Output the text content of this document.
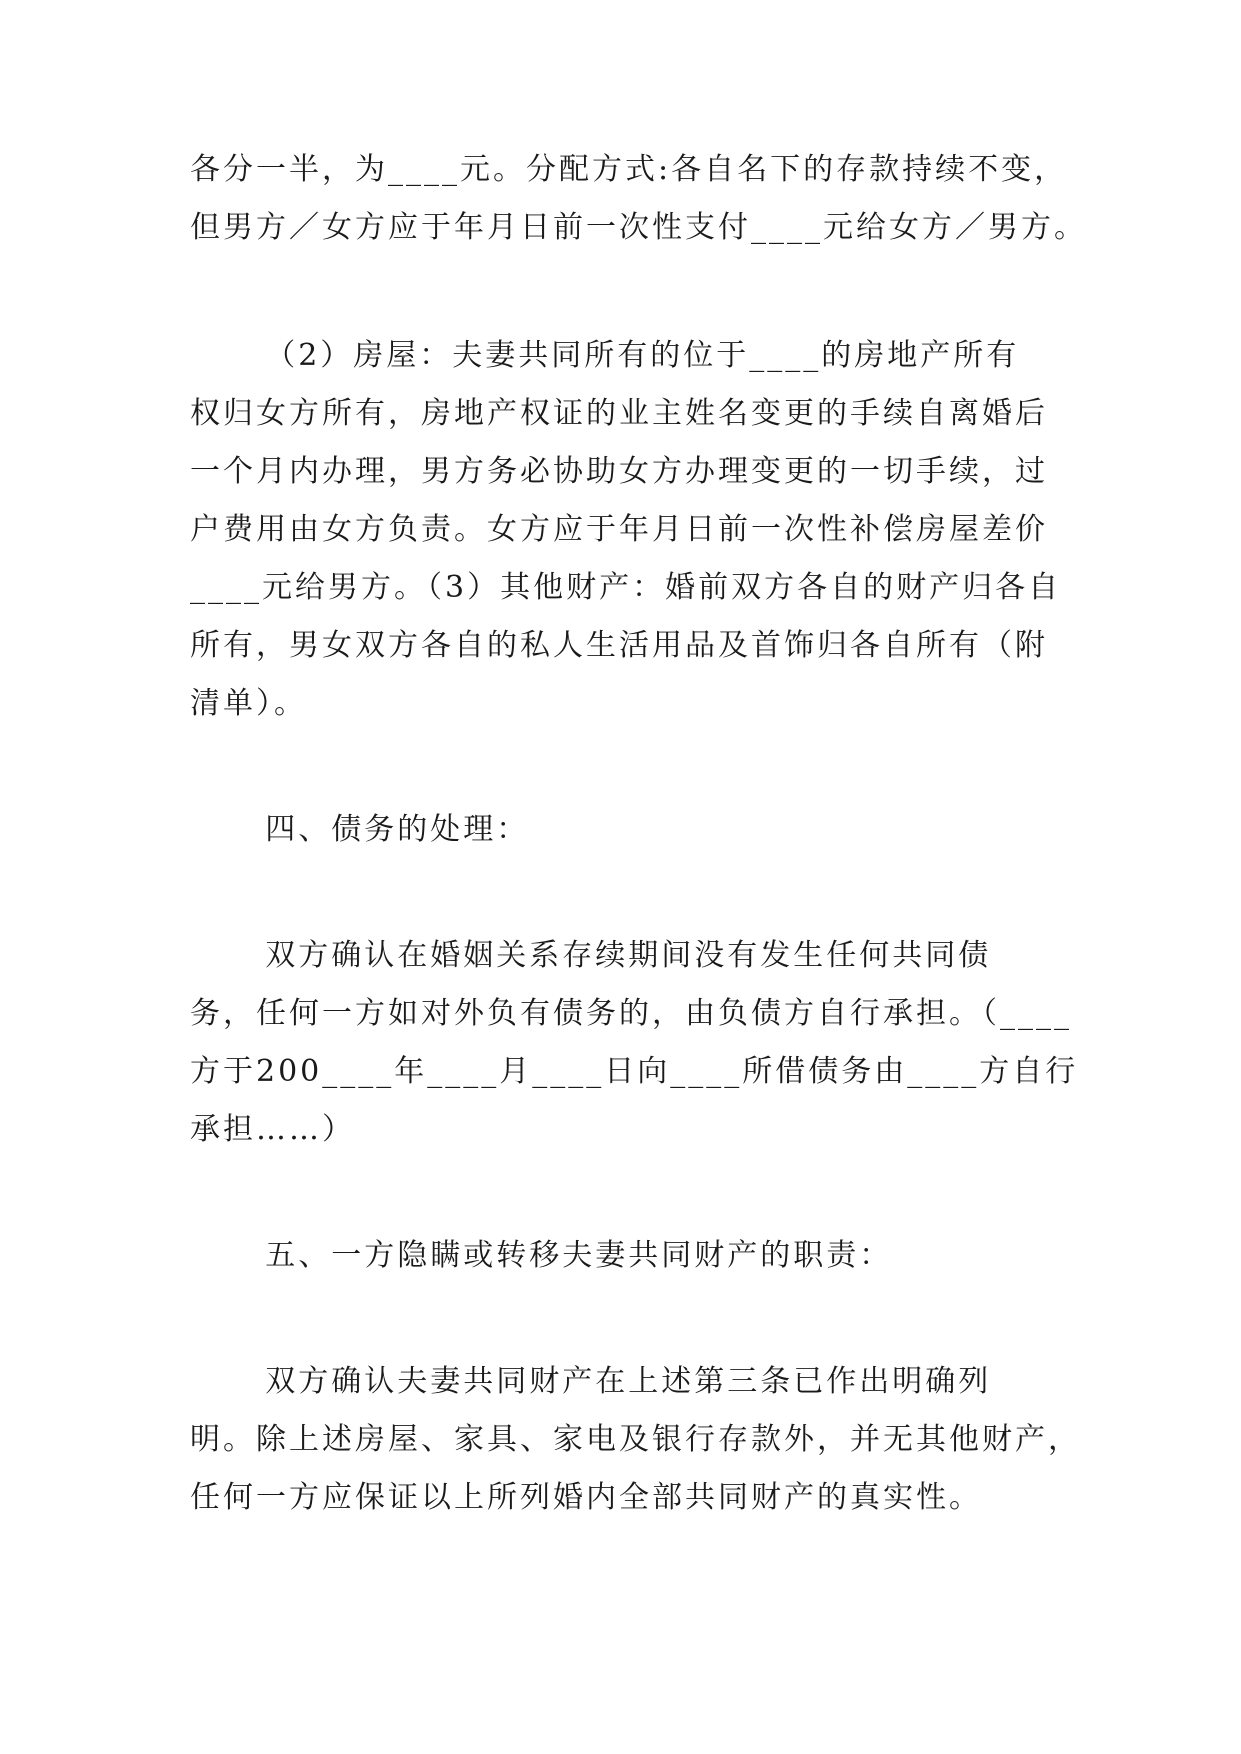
各分一半，为____元。分配方式:各自名下的存款持续不变，
但男方／女方应于年月日前一次性支付____元给女方／男方。
（2）房屋：夫妻共同所有的位于____的房地产所有
权归女方所有，房地产权证的业主姓名变更的手续自离婚后
一个月内办理，男方务必协助女方办理变更的一切手续，过
户费用由女方负责。女方应于年月日前一次性补偿房屋差价
____元给男方。（3）其他财产：婚前双方各自的财产归各自
所有，男女双方各自的私人生活用品及首饰归各自所有（附
清单）。
四、债务的处理：
双方确认在婚姻关系存续期间没有发生任何共同债
务，任何一方如对外负有债务的，由负债方自行承担。（____
方于200____年____月____日向____所借债务由____方自行
承担……）
五、一方隐瞒或转移夫妻共同财产的职责：
双方确认夫妻共同财产在上述第三条已作出明确列
明。除上述房屋、家具、家电及银行存款外，并无其他财产，
任何一方应保证以上所列婚内全部共同财产的真实性。
